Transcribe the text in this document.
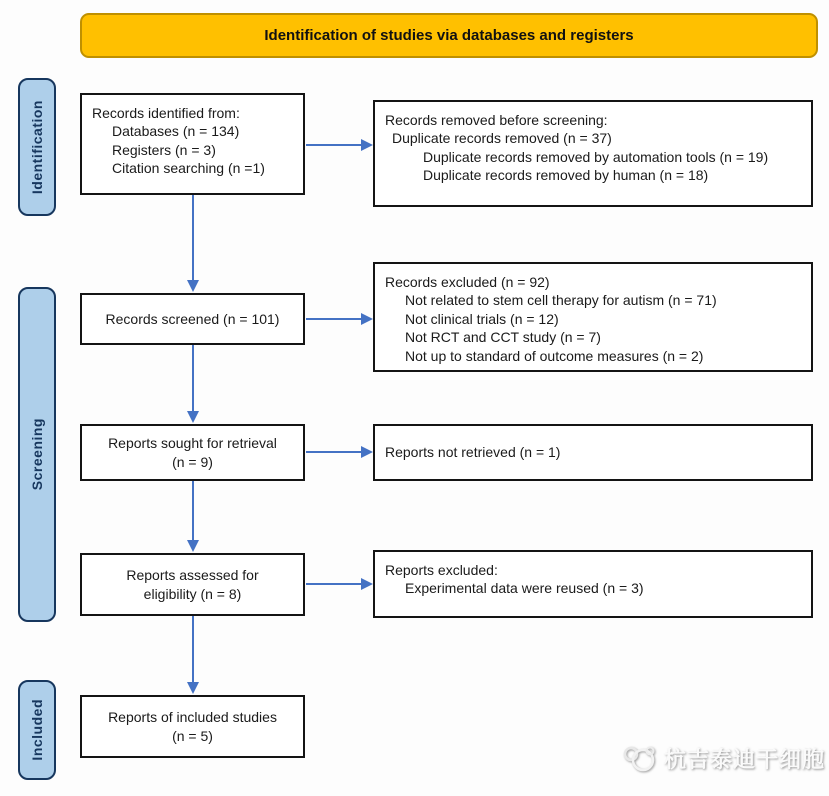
Identification of studies via databases and registers
Identification
Screening
Included
Records identified from:
Databases (n = 134)
Registers (n = 3)
Citation searching (n =1)
Records screened (n = 101)
Reports sought for retrieval
(n = 9)
Reports assessed for
eligibility (n = 8)
Reports of included studies
(n = 5)
Records removed before screening:
Duplicate records removed (n = 37)
Duplicate records removed by automation tools (n = 19)
Duplicate records removed by human (n = 18)
Records excluded (n = 92)
Not related to stem cell therapy for autism (n = 71)
Not clinical trials (n = 12)
Not RCT and CCT study (n = 7)
Not up to standard of outcome measures (n = 2)
Reports not retrieved (n = 1)
Reports excluded:
Experimental data were reused (n = 3)
杭吉泰迪干细胞
